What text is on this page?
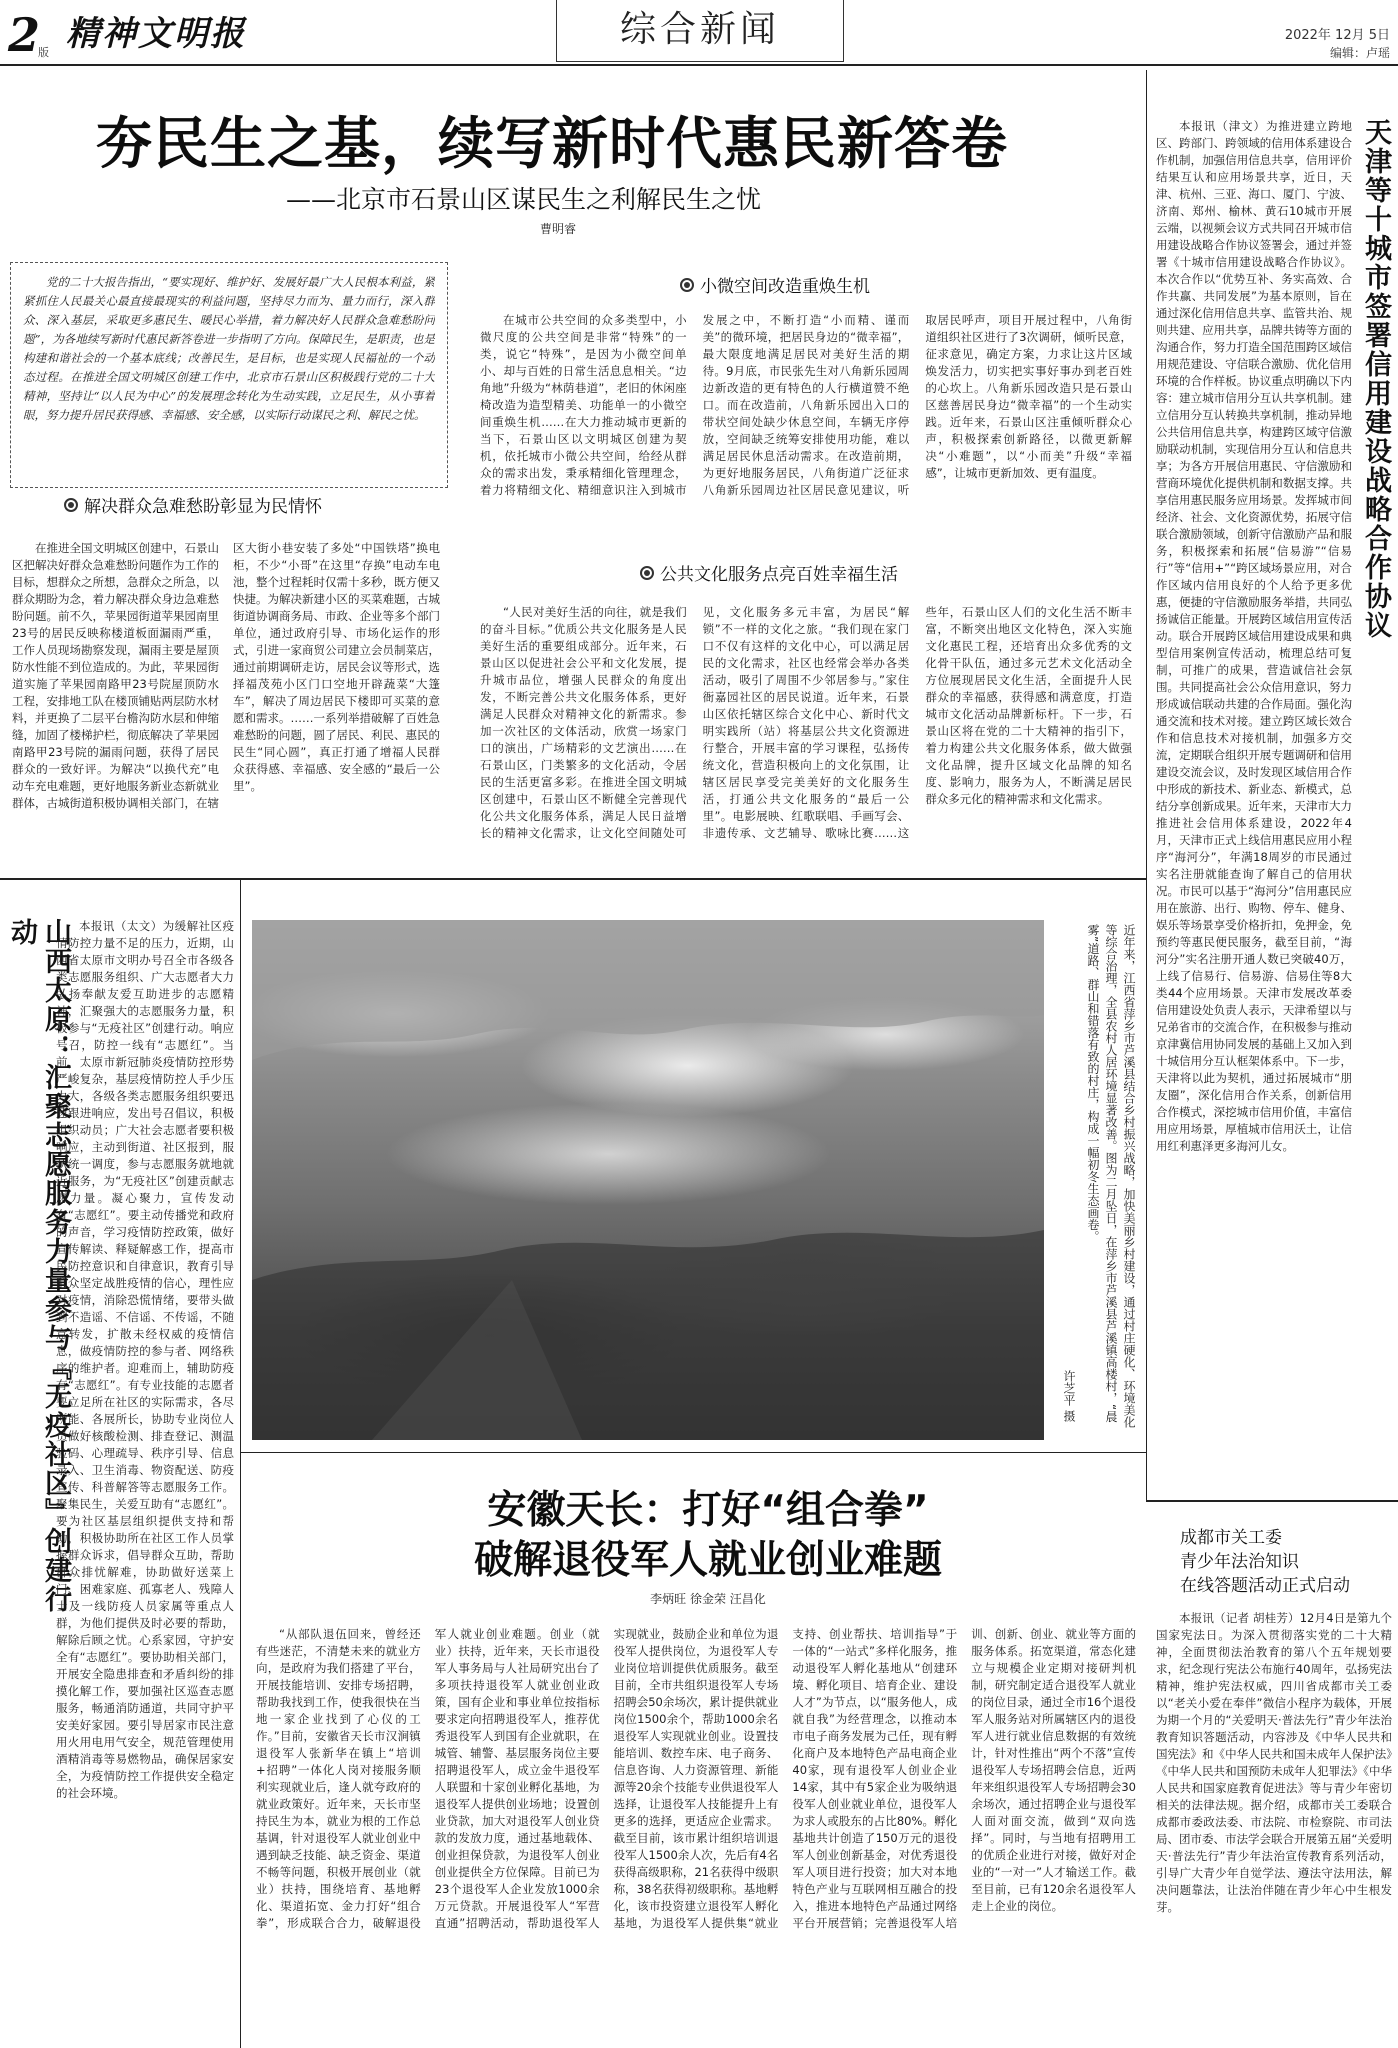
2
版 精神文明报	综合新闻	2022年 12月 5日
编辑：卢瑶
夯民生之基，续写新时代惠民新答卷
——北京市石景山区谋民生之利解民生之忧
曹明睿
党的二十大报告指出，“要实现好、维护好、发展好最广大人民根本利益，紧紧抓住人民最关心最直接最现实的利益问题，坚持尽力而为、量力而行，深入群众、深入基层，采取更多惠民生、暖民心举措，着力解决好人民群众急难愁盼问题”，为各地续写新时代惠民新答卷进一步指明了方向。保障民生，是职责，也是构建和谐社会的一个基本底线；改善民生，是目标，也是实现人民福祉的一个动态过程。在推进全国文明城区创建工作中，北京市石景山区积极践行党的二十大精神，坚持让“以人民为中心”的发展理念转化为生动实践，立足民生，从小事着眼，努力提升居民获得感、幸福感、安全感，以实际行动谋民之利、解民之忧。
解决群众急难愁盼彰显为民情怀
在推进全国文明城区创建中，石景山区把解决好群众急难愁盼问题作为工作的目标，想群众之所想，急群众之所急，以群众期盼为念，着力解决群众身边急难愁盼问题。前不久，苹果园街道苹果园南里23号的居民反映称楼道板面漏雨严重，工作人员现场勘察发现，漏雨主要是屋顶防水性能不到位造成的。为此，苹果园街道实施了苹果园南路甲23号院屋顶防水工程，安排地工队在楼顶铺贴两层防水材料，并更换了二层平台檐沟防水层和伸缩缝，加固了楼梯护栏，彻底解决了苹果园南路甲23号院的漏雨问题，获得了居民群众的一致好评。为解决“以换代充”电动车充电难题，更好地服务新业态新就业群体，古城街道积极协调相关部门，在辖区大街小巷安装了多处“中国铁塔”换电柜，不少“小哥”在这里“存换”电动车电池，整个过程耗时仅需十多秒，既方便又快捷。为解决新建小区的买菜难题，古城街道协调商务局、市政、企业等多个部门单位，通过政府引导、市场化运作的形式，引进一家商贸公司建立会员制菜店，通过前期调研走访，居民会议等形式，选择福茂苑小区门口空地开辟蔬菜“大篷车”，解决了周边居民下楼即可买菜的意愿和需求。……一系列举措破解了百姓急难愁盼的问题，圆了居民、利民、惠民的民生“同心圆”，真正打通了增福人民群众获得感、幸福感、安全感的“最后一公里”。
小微空间改造重焕生机
在城市公共空间的众多类型中，小微尺度的公共空间是非常“特殊”的一类，说它“特殊”，是因为小微空间单小、却与百姓的日常生活息息相关。“边角地”升级为“林荫巷道”，老旧的休闲座椅改造为造型精美、功能单一的小微空间重焕生机……在大力推动城市更新的当下，石景山区以文明城区创建为契机，依托城市小微公共空间，给经从群众的需求出发，秉承精细化管理理念，着力将精细文化、精细意识注入到城市发展之中，不断打造“小而精、谨而美”的微环境，把居民身边的“微幸福”，最大限度地满足居民对美好生活的期待。9月底，市民张先生对八角新乐园周边新改造的更有特色的人行横道赞不绝口。而在改造前，八角新乐园出入口的带状空间处缺少休息空间，车辆无序停放，空间缺乏统筹安排使用功能，难以满足居民休息活动需求。在改造前期，为更好地服务居民，八角街道广泛征求八角新乐园周边社区居民意见建议，听取居民呼声，项目开展过程中，八角街道组织社区进行了3次调研，倾听民意，征求意见，确定方案，力求让这片区域焕发活力，切实把实事好事办到老百姓的心坎上。八角新乐园改造只是石景山区慈善居民身边“微幸福”的一个生动实践。近年来，石景山区注重倾听群众心声，积极探索创新路径，以微更新解决“小难题”，以“小而美”升级“幸福感”，让城市更新加效、更有温度。
公共文化服务点亮百姓幸福生活
“人民对美好生活的向往，就是我们的奋斗目标。”优质公共文化服务是人民美好生活的重要组成部分。近年来，石景山区以促进社会公平和文化发展，提升城市品位，增强人民群众的角度出发，不断完善公共文化服务体系，更好满足人民群众对精神文化的新需求。参加一次社区的文体活动，欣赏一场家门口的演出，广场精彩的文艺演出……在石景山区，门类繁多的文化活动，令居民的生活更富多彩。在推进全国文明城区创建中，石景山区不断健全完善现代化公共文化服务体系，满足人民日益增长的精神文化需求，让文化空间随处可见，文化服务多元丰富，为居民“解锁”不一样的文化之旅。“我们现在家门口不仅有这样的文化中心，可以满足居民的文化需求，社区也经常会举办各类活动，吸引了周围不少邻居参与。”家住衙嘉园社区的居民说道。近年来，石景山区依托辖区综合文化中心、新时代文明实践所（站）将基层公共文化资源进行整合，开展丰富的学习课程，弘扬传统文化，营造积极向上的文化氛围，让辖区居民享受完美美好的文化服务生活，打通公共文化服务的“最后一公里”。电影展映、红歌联唱、手画写会、非遗传承、文艺辅导、歌咏比赛……这些年，石景山区人们的文化生活不断丰富，不断突出地区文化特色，深入实施文化惠民工程，还培育出众多优秀的文化骨干队伍，通过多元艺术文化活动全方位展现居民文化生活，全面提升人民群众的幸福感，获得感和满意度，打造城市文化活动品牌新标杆。下一步，石景山区将在党的二十大精神的指引下，着力构建公共文化服务体系，做大做强文化品牌，提升区域文化品牌的知名度、影响力，服务为人，不断满足居民群众多元化的精神需求和文化需求。
天津等十城市签署信用建设战略合作协议
本报讯（津文）为推进建立跨地区、跨部门、跨领域的信用体系建设合作机制，加强信用信息共享，信用评价结果互认和应用场景共享，近日，天津、杭州、三亚、海口、厦门、宁波、济南、郑州、榆林、黄石10城市开展云端，以视频会议方式共同召开城市信用建设战略合作协议签署会，通过并签署《十城市信用建设战略合作协议》。本次合作以“优势互补、务实高效、合作共赢、共同发展”为基本原则，旨在通过深化信用信息共享、监管共治、规则共建、应用共享，品牌共铸等方面的沟通合作，努力打造全国范围跨区域信用规范建设、守信联合激励、优化信用环境的合作样板。协议重点明确以下内容：建立城市信用分互认共享机制。建立信用分互认转换共享机制，推动异地公共信用信息共享，构建跨区域守信激励联动机制，实现信用分互认和信息共享；为各方开展信用惠民、守信激励和营商环境优化提供机制和数据支撑。共享信用惠民服务应用场景。发挥城市间经济、社会、文化资源优势，拓展守信联合激励领域，创新守信激励产品和服务，积极探索和拓展“信易游”“信易行”等“信用+”“跨区域场景应用，对合作区域内信用良好的个人给予更多优惠，便捷的守信激励服务举措，共同弘扬诚信正能量。开展跨区域信用宣传活动。联合开展跨区域信用建设成果和典型信用案例宣传活动，梳理总结可复制，可推广的成果，营造诚信社会氛围。共同提高社会公众信用意识，努力形成诚信联动共建的合作局面。强化沟通交流和技术对接。建立跨区域长效合作和信息技术对接机制，加强多方交流，定期联合组织开展专题调研和信用建设交流会议，及时发现区域信用合作中形成的新技术、新业态、新模式，总结分享创新成果。近年来，天津市大力推进社会信用体系建设，2022年4月，天津市正式上线信用惠民应用小程序“海河分”，年满18周岁的市民通过实名注册就能查询了解自己的信用状况。市民可以基于“海河分”信用惠民应用在旅游、出行、购物、停车、健身、娱乐等场景享受价格折扣，免押金，免预约等惠民便民服务，截至目前，“海河分”实名注册开通人数已突破40万，上线了信易行、信易游、信易住等8大类44个应用场景。天津市发展改革委信用建设处负责人表示，天津希望以与兄弟省市的交流合作，在积极参与推动京津冀信用协同发展的基础上又加入到十城信用分互认框架体系中。下一步，天津将以此为契机，通过拓展城市“朋友圈”，深化信用合作关系，创新信用合作模式，深挖城市信用价值，丰富信用应用场景，厚植城市信用沃土，让信用红利惠泽更多海河儿女。
山西太原：汇聚志愿服务力量参与『无疫社区』创建行动	本报讯（太文）为缓解社区疫情防控力量不足的压力，近期，山西省太原市文明办号召全市各级各类志愿服务组织、广大志愿者大力弘扬奉献友爱互助进步的志愿精神，汇聚强大的志愿服务力量，积极参与“无疫社区”创建行动。响应号召，防控一线有“志愿红”。当前，太原市新冠肺炎疫情防控形势严峻复杂，基层疫情防控人手少压力大，各级各类志愿服务组织要迅速跟进响应，发出号召倡议，积极组织动员；广大社会志愿者要积极响应，主动到街道、社区报到，服从统一调度，参与志愿服务就地就近服务，为“无疫社区”创建贡献志愿力量。凝心聚力，宣传发动有“志愿红”。要主动传播党和政府的声音，学习疫情防控政策，做好宣传解读、释疑解惑工作，提高市民防控意识和自律意识，教育引导群众坚定战胜疫情的信心，理性应对疫情，消除恐慌情绪，要带头做到不造谣、不信谣、不传谣，不随意转发，扩散未经权威的疫情信息，做疫情防控的参与者、网络秩序的维护者。迎难而上，辅助防疫有“志愿红”。有专业技能的志愿者要立足所在社区的实际需求，各尽所能、各展所长，协助专业岗位人员做好核酸检测、排查登记、测温验码、心理疏导、秩序引导、信息录入、卫生消毒、物资配送、防疫宣传、科普解答等志愿服务工作。聚集民生，关爱互助有“志愿红”。要为社区基层组织提供支持和帮助，积极协助所在社区工作人员掌握群众诉求，倡导群众互助，帮助群众排忧解难，协助做好送菜上门、困难家庭、孤寡老人、残障人士及一线防疫人员家属等重点人群，为他们提供及时必要的帮助，解除后顾之忧。心系家园，守护安全有“志愿红”。要协助相关部门，开展安全隐患排查和矛盾纠纷的排摸化解工作，要加强社区巡查志愿服务，畅通消防通道，共同守护平安美好家园。要引导居家市民注意用火用电用气安全，规范管理使用酒精消毒等易燃物品，确保居家安全，为疫情防控工作提供安全稳定的社会环境。
近年来，江西省萍乡市芦溪县结合乡村振兴战略，加快美丽乡村建设，通过村庄硬化、环境美化等综合治理，全县农村人居环境显著改善。图为二月坠日，在萍乡市芦溪县芦溪镇高楼村，“晨雾”道路、群山和错落有致的村庄，构成一幅初冬生态画卷。
许芝平 摄
安徽天长：打好“组合拳”
破解退役军人就业创业难题
李炳旺 徐金荣 汪昌化
“从部队退伍回来，曾经还有些迷茫，不清楚未来的就业方向，是政府为我们搭建了平台，开展技能培训、安排专场招聘，帮助我找到工作，使我很快在当地一家企业找到了心仪的工作。”目前，安徽省天长市汉涧镇退役军人张新华在镇上“培训+招聘”一体化人岗对接服务顺利实现就业后，逢人就夸政府的就业政策好。近年来，天长市坚持民生为本，就业为根的工作总基调，针对退役军人就业创业中遇到缺乏技能、缺乏资金、渠道不畅等问题，积极开展创业（就业）扶持，围绕培育、基地孵化、渠道拓宽、金力打好“组合拳”，形成联合合力，破解退役军人就业创业难题。创业（就业）扶持，近年来，天长市退役军人事务局与人社局研究出台了多项扶持退役军人就业创业政策，国有企业和事业单位按指标要求定向招聘退役军人，推荐优秀退役军人到国有企业就职，在城管、辅警、基层服务岗位主要招聘退役军人，成立金牛退役军人联盟和十家创业孵化基地，为退役军人提供创业场地；设置创业贷款，加大对退役军人创业贷款的发放力度，通过基地载体、创业担保贷款，为退役军人创业创业提供全方位保障。目前已为23个退役军人企业发放1000余万元贷款。开展退役军人“军营直通”招聘活动，帮助退役军人实现就业，鼓励企业和单位为退役军人提供岗位，为退役军人专业岗位培训提供优质服务。截至目前，全市共组织退役军人专场招聘会50余场次，累计提供就业岗位1500余个，帮助1000余名退役军人实现就业创业。设置技能培训、数控车床、电子商务、信息咨询、人力资源管理、新能源等20余个技能专业供退役军人选择，让退役军人技能提升上有更多的选择，更适应企业需求。截至目前，该市累计组织培训退役军人1500余人次，先后有4名获得高级职称，21名获得中级职称，38名获得初级职称。基地孵化，该市投资建立退役军人孵化基地，为退役军人提供集“就业支持、创业帮扶、培训指导”于一体的“一站式”多样化服务，推动退役军人孵化基地从“创建环境、孵化项目、培育企业、建设人才”为节点，以“服务他人，成就自我”为经营理念，以推动本市电子商务发展为己任，现有孵化商户及本地特色产品电商企业40家，现有退役军人创业企业14家，其中有5家企业为吸纳退役军人创业就业单位，退役军人为求人或股东的占比80%。孵化基地共计创造了150万元的退役军人创业创新基金，对优秀退役军人项目进行投资；加大对本地特色产业与互联网相互融合的投入，推进本地特色产品通过网络平台开展营销；完善退役军人培训、创新、创业、就业等方面的服务体系。拓宽渠道，常态化建立与规模企业定期对接研判机制，研究制定适合退役军人就业的岗位目录，通过全市16个退役军人服务站对所属辖区内的退役军人进行就业信息数据的有效统计，针对性推出“两个不落”宣传退役军人专场招聘会信息，近两年来组织退役军人专场招聘会30余场次，通过招聘企业与退役军人面对面交流，做到“双向选择”。同时，与当地有招聘用工的优质企业进行对接，做好对企业的“一对一”人才输送工作。截至目前，已有120余名退役军人走上企业的岗位。
成都市关工委
青少年法治知识
在线答题活动正式启动
本报讯（记者 胡桂芳）12月4日是第九个国家宪法日。为深入贯彻落实党的二十大精神，全面贯彻法治教育的第八个五年规划要求，纪念现行宪法公布施行40周年，弘扬宪法精神，维护宪法权威，四川省成都市关工委以“老关小爱在奉伴”微信小程序为载体，开展为期一个月的“关爱明天·普法先行”青少年法治教育知识答题活动，内容涉及《中华人民共和国宪法》和《中华人民共和国未成年人保护法》《中华人民共和国预防未成年人犯罪法》《中华人民共和国家庭教育促进法》等与青少年密切相关的法律法规。据介绍，成都市关工委联合成都市委政法委、市法院、市检察院、市司法局、团市委、市法学会联合开展第五届“关爱明天·普法先行”青少年法治宣传教育系列活动，引导广大青少年自觉学法、遵法守法用法，解决问题靠法，让法治伴随在青少年心中生根发芽。
